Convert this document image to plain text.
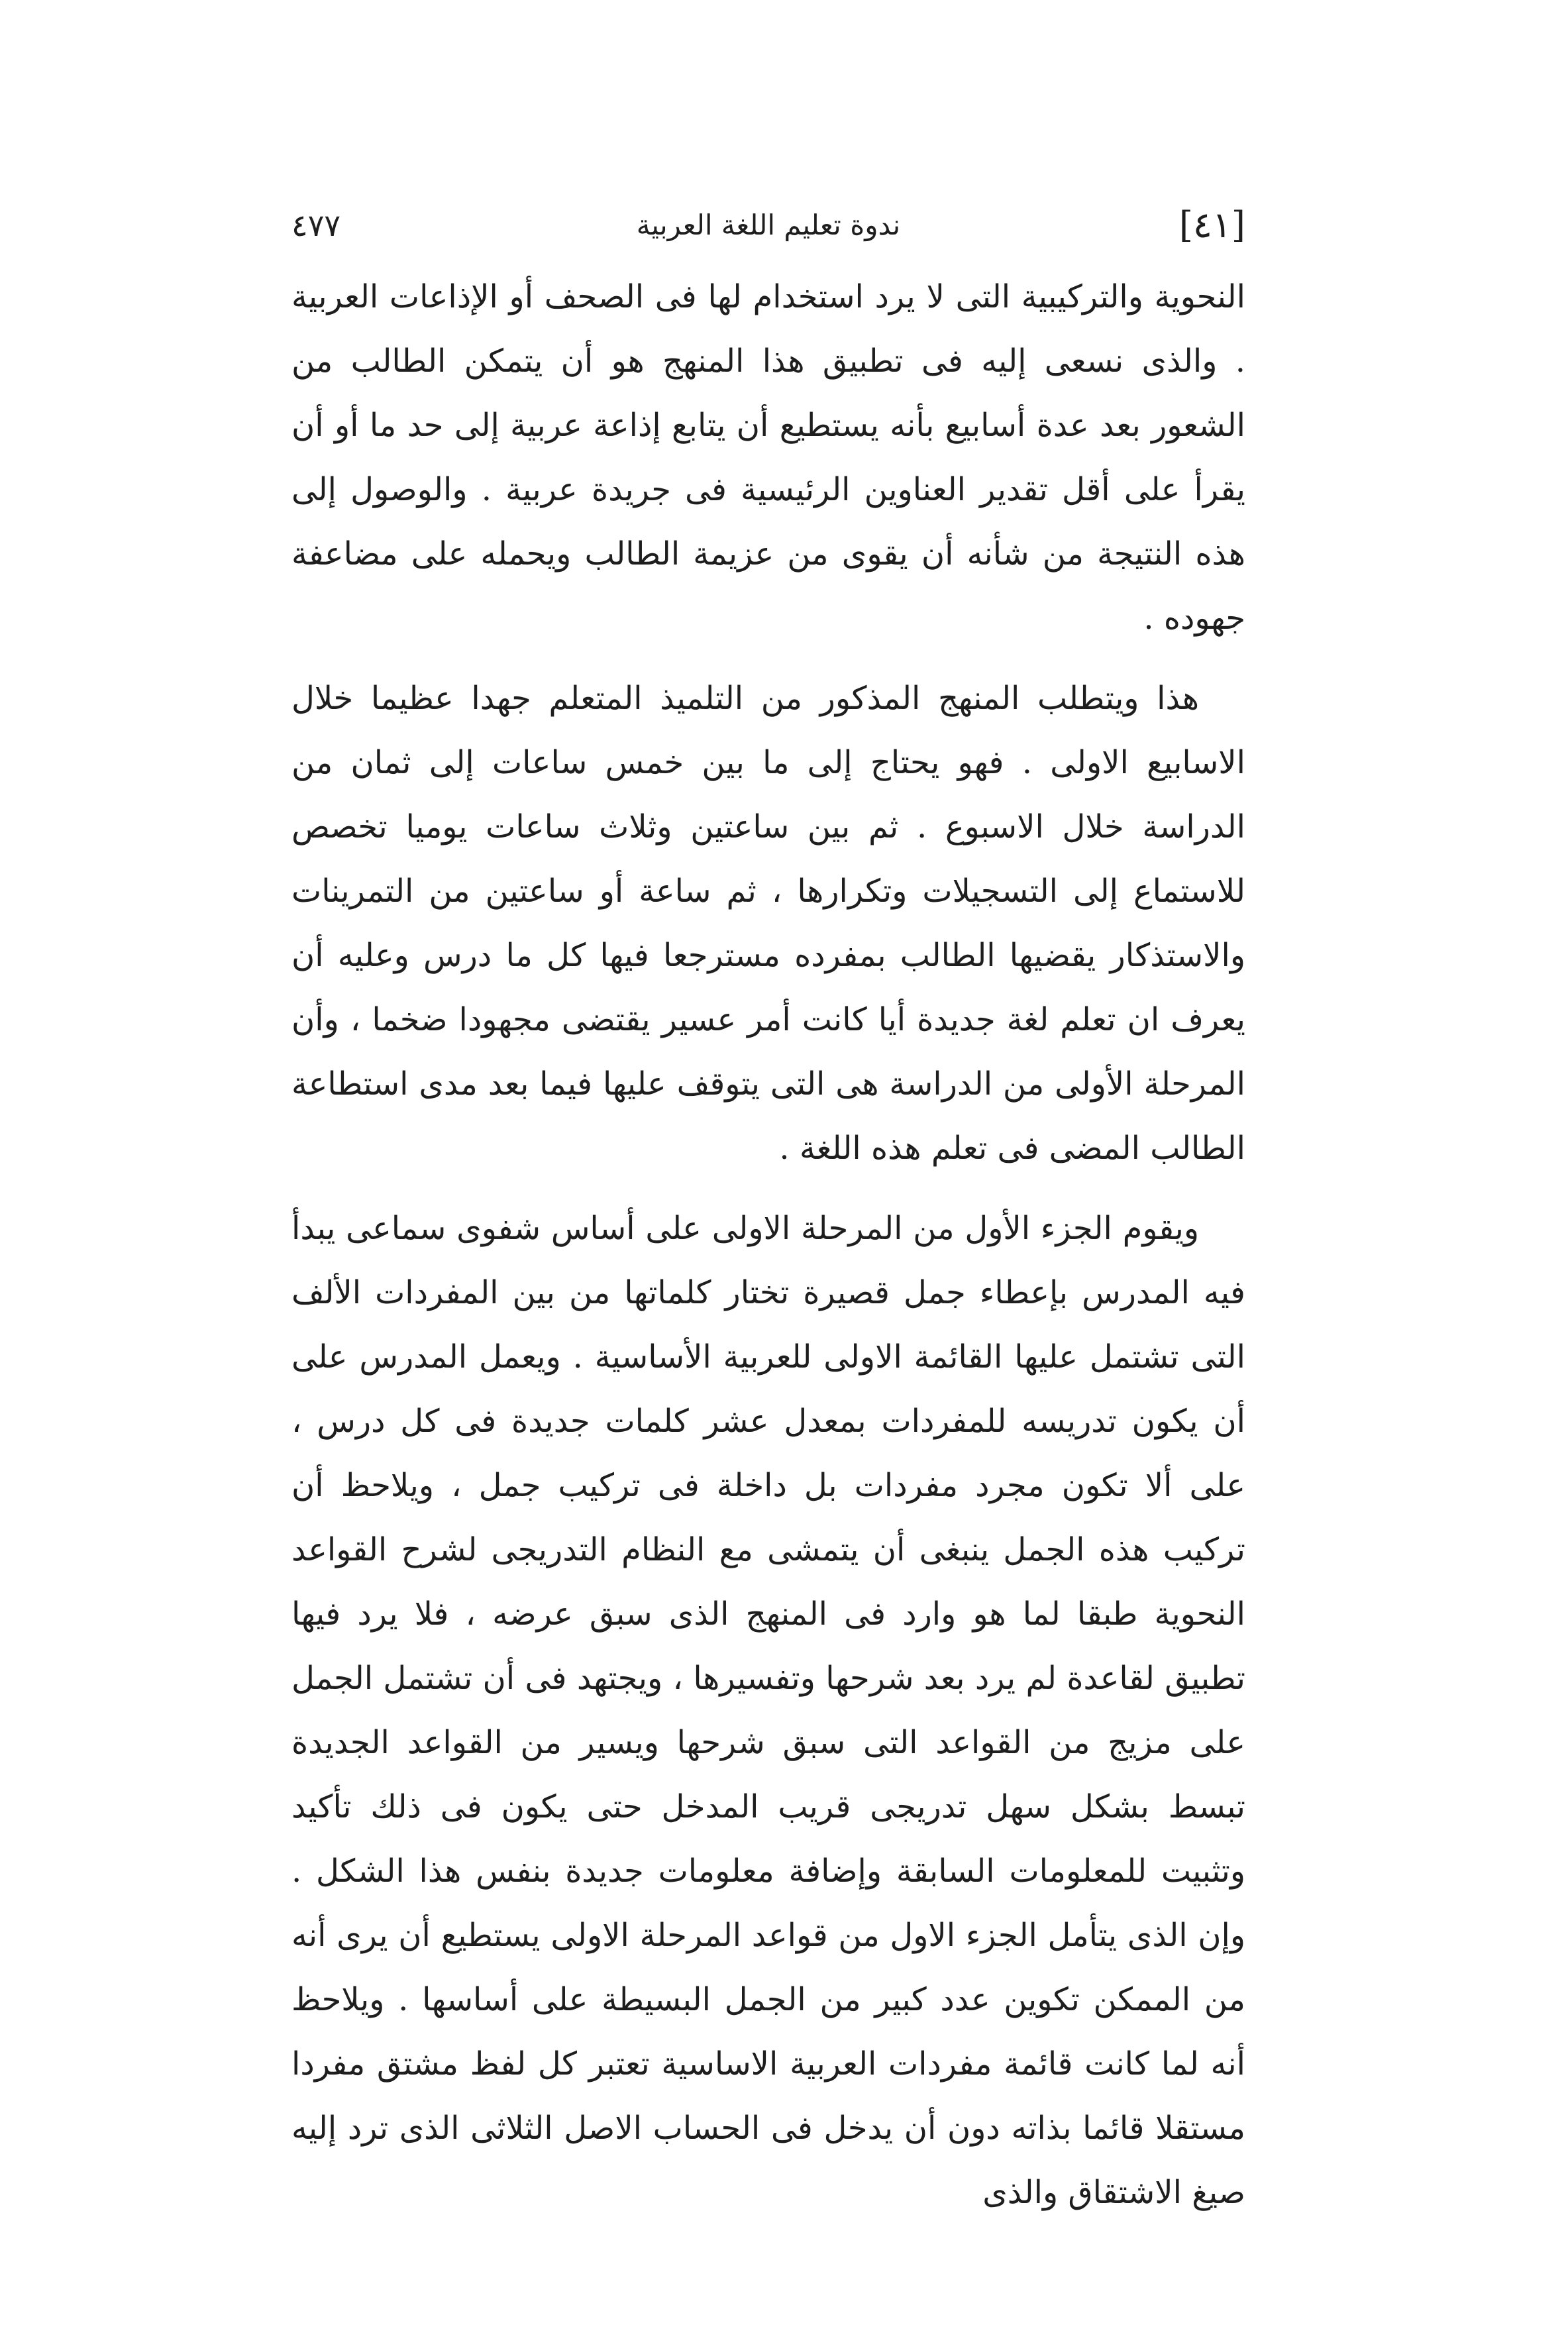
[٤١]
ندوة تعليم اللغة العربية
٤٧٧

النحوية والتركيبية التى لا يرد استخدام لها فى الصحف أو الإذاعات العربية . والذى نسعى إليه فى تطبيق هذا المنهج هو أن يتمكن الطالب من الشعور بعد عدة أسابيع بأنه يستطيع أن يتابع إذاعة عربية إلى حد ما أو أن يقرأ على أقل تقدير العناوين الرئيسية فى جريدة عربية . والوصول إلى هذه النتيجة من شأنه أن يقوى من عزيمة الطالب ويحمله على مضاعفة جهوده .

هذا ويتطلب المنهج المذكور من التلميذ المتعلم جهدا عظيما خلال الاسابيع الاولى . فهو يحتاج إلى ما بين خمس ساعات إلى ثمان من الدراسة خلال الاسبوع . ثم بين ساعتين وثلاث ساعات يوميا تخصص للاستماع إلى التسجيلات وتكرارها ، ثم ساعة أو ساعتين من التمرينات والاستذكار يقضيها الطالب بمفرده مسترجعا فيها كل ما درس وعليه أن يعرف ان تعلم لغة جديدة أيا كانت أمر عسير يقتضى مجهودا ضخما ، وأن المرحلة الأولى من الدراسة هى التى يتوقف عليها فيما بعد مدى استطاعة الطالب المضى فى تعلم هذه اللغة .

ويقوم الجزء الأول من المرحلة الاولى على أساس شفوى سماعى يبدأ فيه المدرس بإعطاء جمل قصيرة تختار كلماتها من بين المفردات الألف التى تشتمل عليها القائمة الاولى للعربية الأساسية . ويعمل المدرس على أن يكون تدريسه للمفردات بمعدل عشر كلمات جديدة فى كل درس ، على ألا تكون مجرد مفردات بل داخلة فى تركيب جمل ، ويلاحظ أن تركيب هذه الجمل ينبغى أن يتمشى مع النظام التدريجى لشرح القواعد النحوية طبقا لما هو وارد فى المنهج الذى سبق عرضه ، فلا يرد فيها تطبيق لقاعدة لم يرد بعد شرحها وتفسيرها ، ويجتهد فى أن تشتمل الجمل على مزيج من القواعد التى سبق شرحها ويسير من القواعد الجديدة تبسط بشكل سهل تدريجى قريب المدخل حتى يكون فى ذلك تأكيد وتثبيت للمعلومات السابقة وإضافة معلومات جديدة بنفس هذا الشكل . وإن الذى يتأمل الجزء الاول من قواعد المرحلة الاولى يستطيع أن يرى أنه من الممكن تكوين عدد كبير من الجمل البسيطة على أساسها . ويلاحظ أنه لما كانت قائمة مفردات العربية الاساسية تعتبر كل لفظ مشتق مفردا مستقلا قائما بذاته دون أن يدخل فى الحساب الاصل الثلاثى الذى ترد إليه صيغ الاشتقاق والذى
